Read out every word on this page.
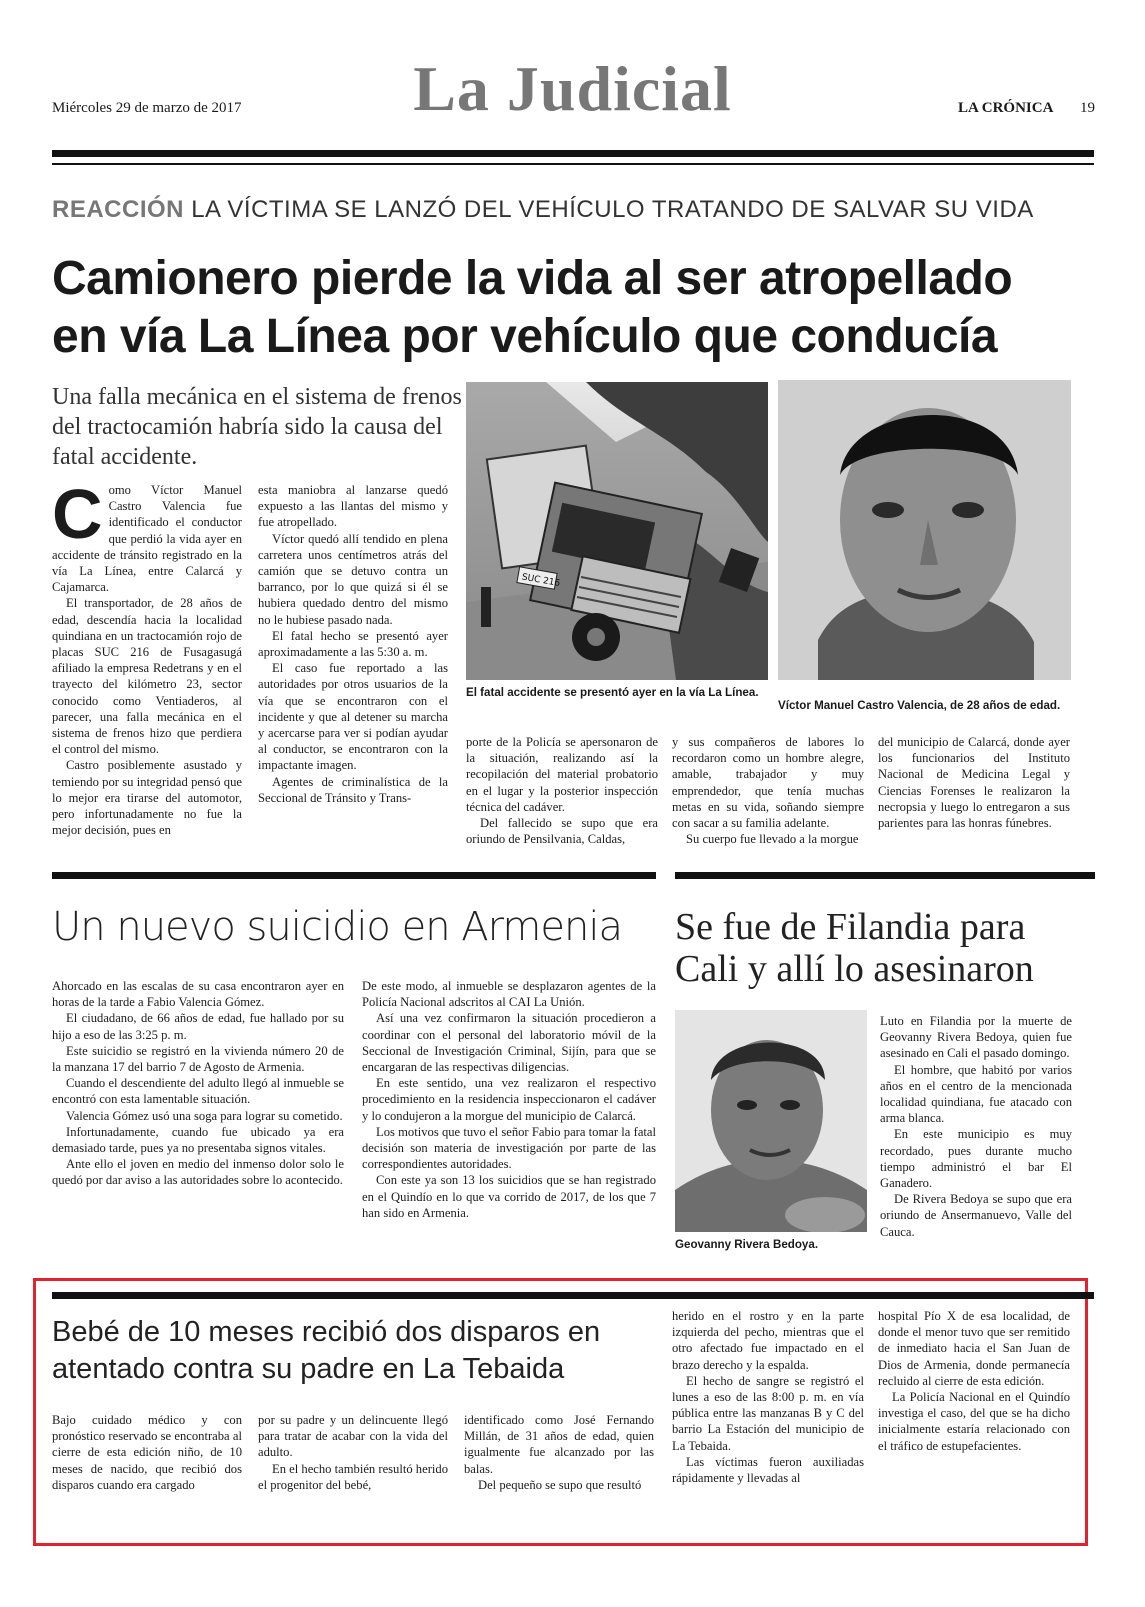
Miércoles 29 de marzo de 2017	La Judicial	LA CRÓNICA 19
REACCIÓN LA VÍCTIMA SE LANZÓ DEL VEHÍCULO TRATANDO DE SALVAR SU VIDA
Camionero pierde la vida al ser atropellado
en vía La Línea por vehículo que conducía
Una falla mecánica en el sistema de frenos del tractocamión habría sido la causa del fatal accidente.
C omo Víctor Manuel Castro Valencia fue identificado el conductor que perdió la vida ayer en accidente de tránsito registrado en la vía La Línea, entre Calarcá y Cajamarca.

El transportador, de 28 años de edad, descendía hacia la localidad quindiana en un tractocamión rojo de placas SUC 216 de Fusagasugá afiliado la empresa Redetrans y en el trayecto del kilómetro 23, sector conocido como Ventiaderos, al parecer, una falla mecánica en el sistema de frenos hizo que perdiera el control del mismo.

Castro posiblemente asustado y temiendo por su integridad pensó que lo mejor era tirarse del automotor, pero infortunadamente no fue la mejor decisión, pues en

esta maniobra al lanzarse quedó expuesto a las llantas del mismo y fue atropellado.

Víctor quedó allí tendido en plena carretera unos centímetros atrás del camión que se detuvo contra un barranco, por lo que quizá si él se hubiera quedado dentro del mismo no le hubiese pasado nada.

El fatal hecho se presentó ayer aproximadamente a las 5:30 a. m.

El caso fue reportado a las autoridades por otros usuarios de la vía que se encontraron con el incidente y que al detener su marcha y acercarse para ver si podían ayudar al conductor, se encontraron con la impactante imagen.

Agentes de criminalística de la Seccional de Tránsito y Trans-

SUC 216
El fatal accidente se presentó ayer en la vía La Línea.
Víctor Manuel Castro Valencia, de 28 años de edad.

porte de la Policía se apersonaron de la situación, realizando así la recopilación del material probatorio en el lugar y la posterior inspección técnica del cadáver.

Del fallecido se supo que era oriundo de Pensilvania, Caldas,

y sus compañeros de labores lo recordaron como un hombre alegre, amable, trabajador y muy emprendedor, que tenía muchas metas en su vida, soñando siempre con sacar a su familia adelante.

Su cuerpo fue llevado a la morgue

del municipio de Calarcá, donde ayer los funcionarios del Instituto Nacional de Medicina Legal y Ciencias Forenses le realizaron la necropsia y luego lo entregaron a sus parientes para las honras fúnebres.

Un nuevo suicidio en Armenia

Ahorcado en las escalas de su casa encontraron ayer en horas de la tarde a Fabio Valencia Gómez.

El ciudadano, de 66 años de edad, fue hallado por su hijo a eso de las 3:25 p. m.

Este suicidio se registró en la vivienda número 20 de la manzana 17 del barrio 7 de Agosto de Armenia.

Cuando el descendiente del adulto llegó al inmueble se encontró con esta lamentable situación.

Valencia Gómez usó una soga para lograr su cometido.

Infortunadamente, cuando fue ubicado ya era demasiado tarde, pues ya no presentaba signos vitales.

Ante ello el joven en medio del inmenso dolor solo le quedó por dar aviso a las autoridades sobre lo acontecido.

De este modo, al inmueble se desplazaron agentes de la Policía Nacional adscritos al CAI La Unión.

Así una vez confirmaron la situación procedieron a coordinar con el personal del laboratorio móvil de la Seccional de Investigación Criminal, Sijín, para que se encargaran de las respectivas diligencias.

En este sentido, una vez realizaron el respectivo procedimiento en la residencia inspeccionaron el cadáver y lo condujeron a la morgue del municipio de Calarcá.

Los motivos que tuvo el señor Fabio para tomar la fatal decisión son materia de investigación por parte de las correspondientes autoridades.

Con este ya son 13 los suicidios que se han registrado en el Quindío en lo que va corrido de 2017, de los que 7 han sido en Armenia.

Se fue de Filandia para Cali y allí lo asesinaron
Geovanny Rivera Bedoya.

Luto en Filandia por la muerte de Geovanny Rivera Bedoya, quien fue asesinado en Cali el pasado domingo.

El hombre, que habitó por varios años en el centro de la mencionada localidad quindiana, fue atacado con arma blanca.

En este municipio es muy recordado, pues durante mucho tiempo administró el bar El Ganadero.

De Rivera Bedoya se supo que era oriundo de Ansermanuevo, Valle del Cauca.

Bebé de 10 meses recibió dos disparos en atentado contra su padre en La Tebaida

Bajo cuidado médico y con pronóstico reservado se encontraba al cierre de esta edición niño, de 10 meses de nacido, que recibió dos disparos cuando era cargado

por su padre y un delincuente llegó para tratar de acabar con la vida del adulto.

En el hecho también resultó herido el progenitor del bebé,

identificado como José Fernando Millán, de 31 años de edad, quien igualmente fue alcanzado por las balas.

Del pequeño se supo que resultó

herido en el rostro y en la parte izquierda del pecho, mientras que el otro afectado fue impactado en el brazo derecho y la espalda.

El hecho de sangre se registró el lunes a eso de las 8:00 p. m. en vía pública entre las manzanas B y C del barrio La Estación del municipio de La Tebaida.

Las víctimas fueron auxiliadas rápidamente y llevadas al

hospital Pío X de esa localidad, de donde el menor tuvo que ser remitido de inmediato hacia el San Juan de Dios de Armenia, donde permanecía recluido al cierre de esta edición.

La Policía Nacional en el Quindío investiga el caso, del que se ha dicho inicialmente estaría relacionado con el tráfico de estupefacientes.
